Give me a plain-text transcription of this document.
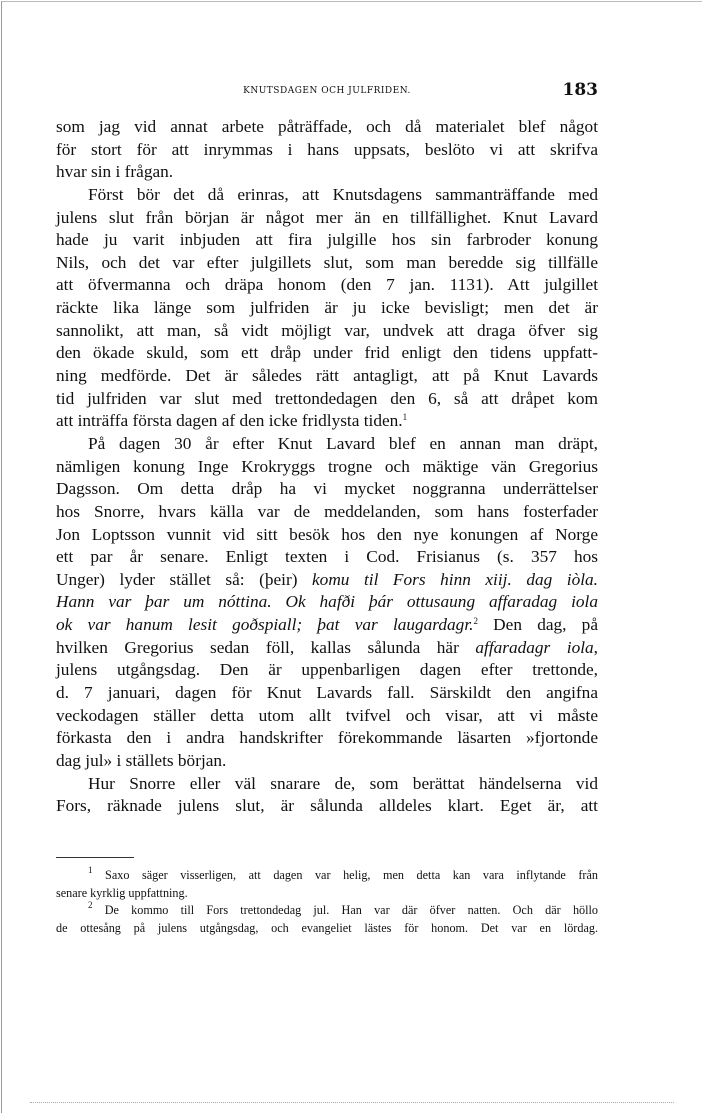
KNUTSDAGEN OCH JULFRIDEN.	183
som jag vid annat arbete påträffade, och då materialet blef något
för stort för att inrymmas i hans uppsats, beslöto vi att skrifva
hvar sin i frågan.
Först bör det då erinras, att Knutsdagens sammanträffande med
julens slut från början är något mer än en tillfällighet. Knut Lavard
hade ju varit inbjuden att fira julgille hos sin farbroder konung
Nils, och det var efter julgillets slut, som man beredde sig tillfälle
att öfvermanna och dräpa honom (den 7 jan. 1131). Att julgillet
räckte lika länge som julfriden är ju icke bevisligt; men det är
sannolikt, att man, så vidt möjligt var, undvek att draga öfver sig
den ökade skuld, som ett dråp under frid enligt den tidens uppfatt-
ning medförde. Det är således rätt antagligt, att på Knut Lavards
tid julfriden var slut med trettondedagen den 6, så att dråpet kom
att inträffa första dagen af den icke fridlysta tiden.$^1$
På dagen 30 år efter Knut Lavard blef en annan man dräpt,
nämligen konung Inge Krokryggs trogne och mäktige vän Gregorius
Dagsson. Om detta dråp ha vi mycket noggranna underrättelser
hos Snorre, hvars källa var de meddelanden, som hans fosterfader
Jon Loptsson vunnit vid sitt besök hos den nye konungen af Norge
ett par år senare. Enligt texten i Cod. Frisianus (s. 357 hos
Unger) lyder stället så: (þeir) komu til Fors hinn xiij. dag iòla.
Hann var þar um nóttina. Ok hafði þár ottusaung affaradag iola
ok var hanum lesit goðspiall; þat var laugardagr.$^2$ Den dag, på
hvilken Gregorius sedan föll, kallas sålunda här affaradagr iola,
julens utgångsdag. Den är uppenbarligen dagen efter trettonde,
d. 7 januari, dagen för Knut Lavards fall. Särskildt den angifna
veckodagen ställer detta utom allt tvifvel och visar, att vi måste
förkasta den i andra handskrifter förekommande läsarten »fjortonde
dag jul» i ställets början.
Hur Snorre eller väl snarare de, som berättat händelserna vid
Fors, räknade julens slut, är sålunda alldeles klart. Eget är, att
$^1$ Saxo säger visserligen, att dagen var helig, men detta kan vara inflytande från
senare kyrklig uppfattning.
$^2$ De kommo till Fors trettondedag jul. Han var där öfver natten. Och där höllo
de ottesång på julens utgångsdag, och evangeliet lästes för honom. Det var en lördag.
